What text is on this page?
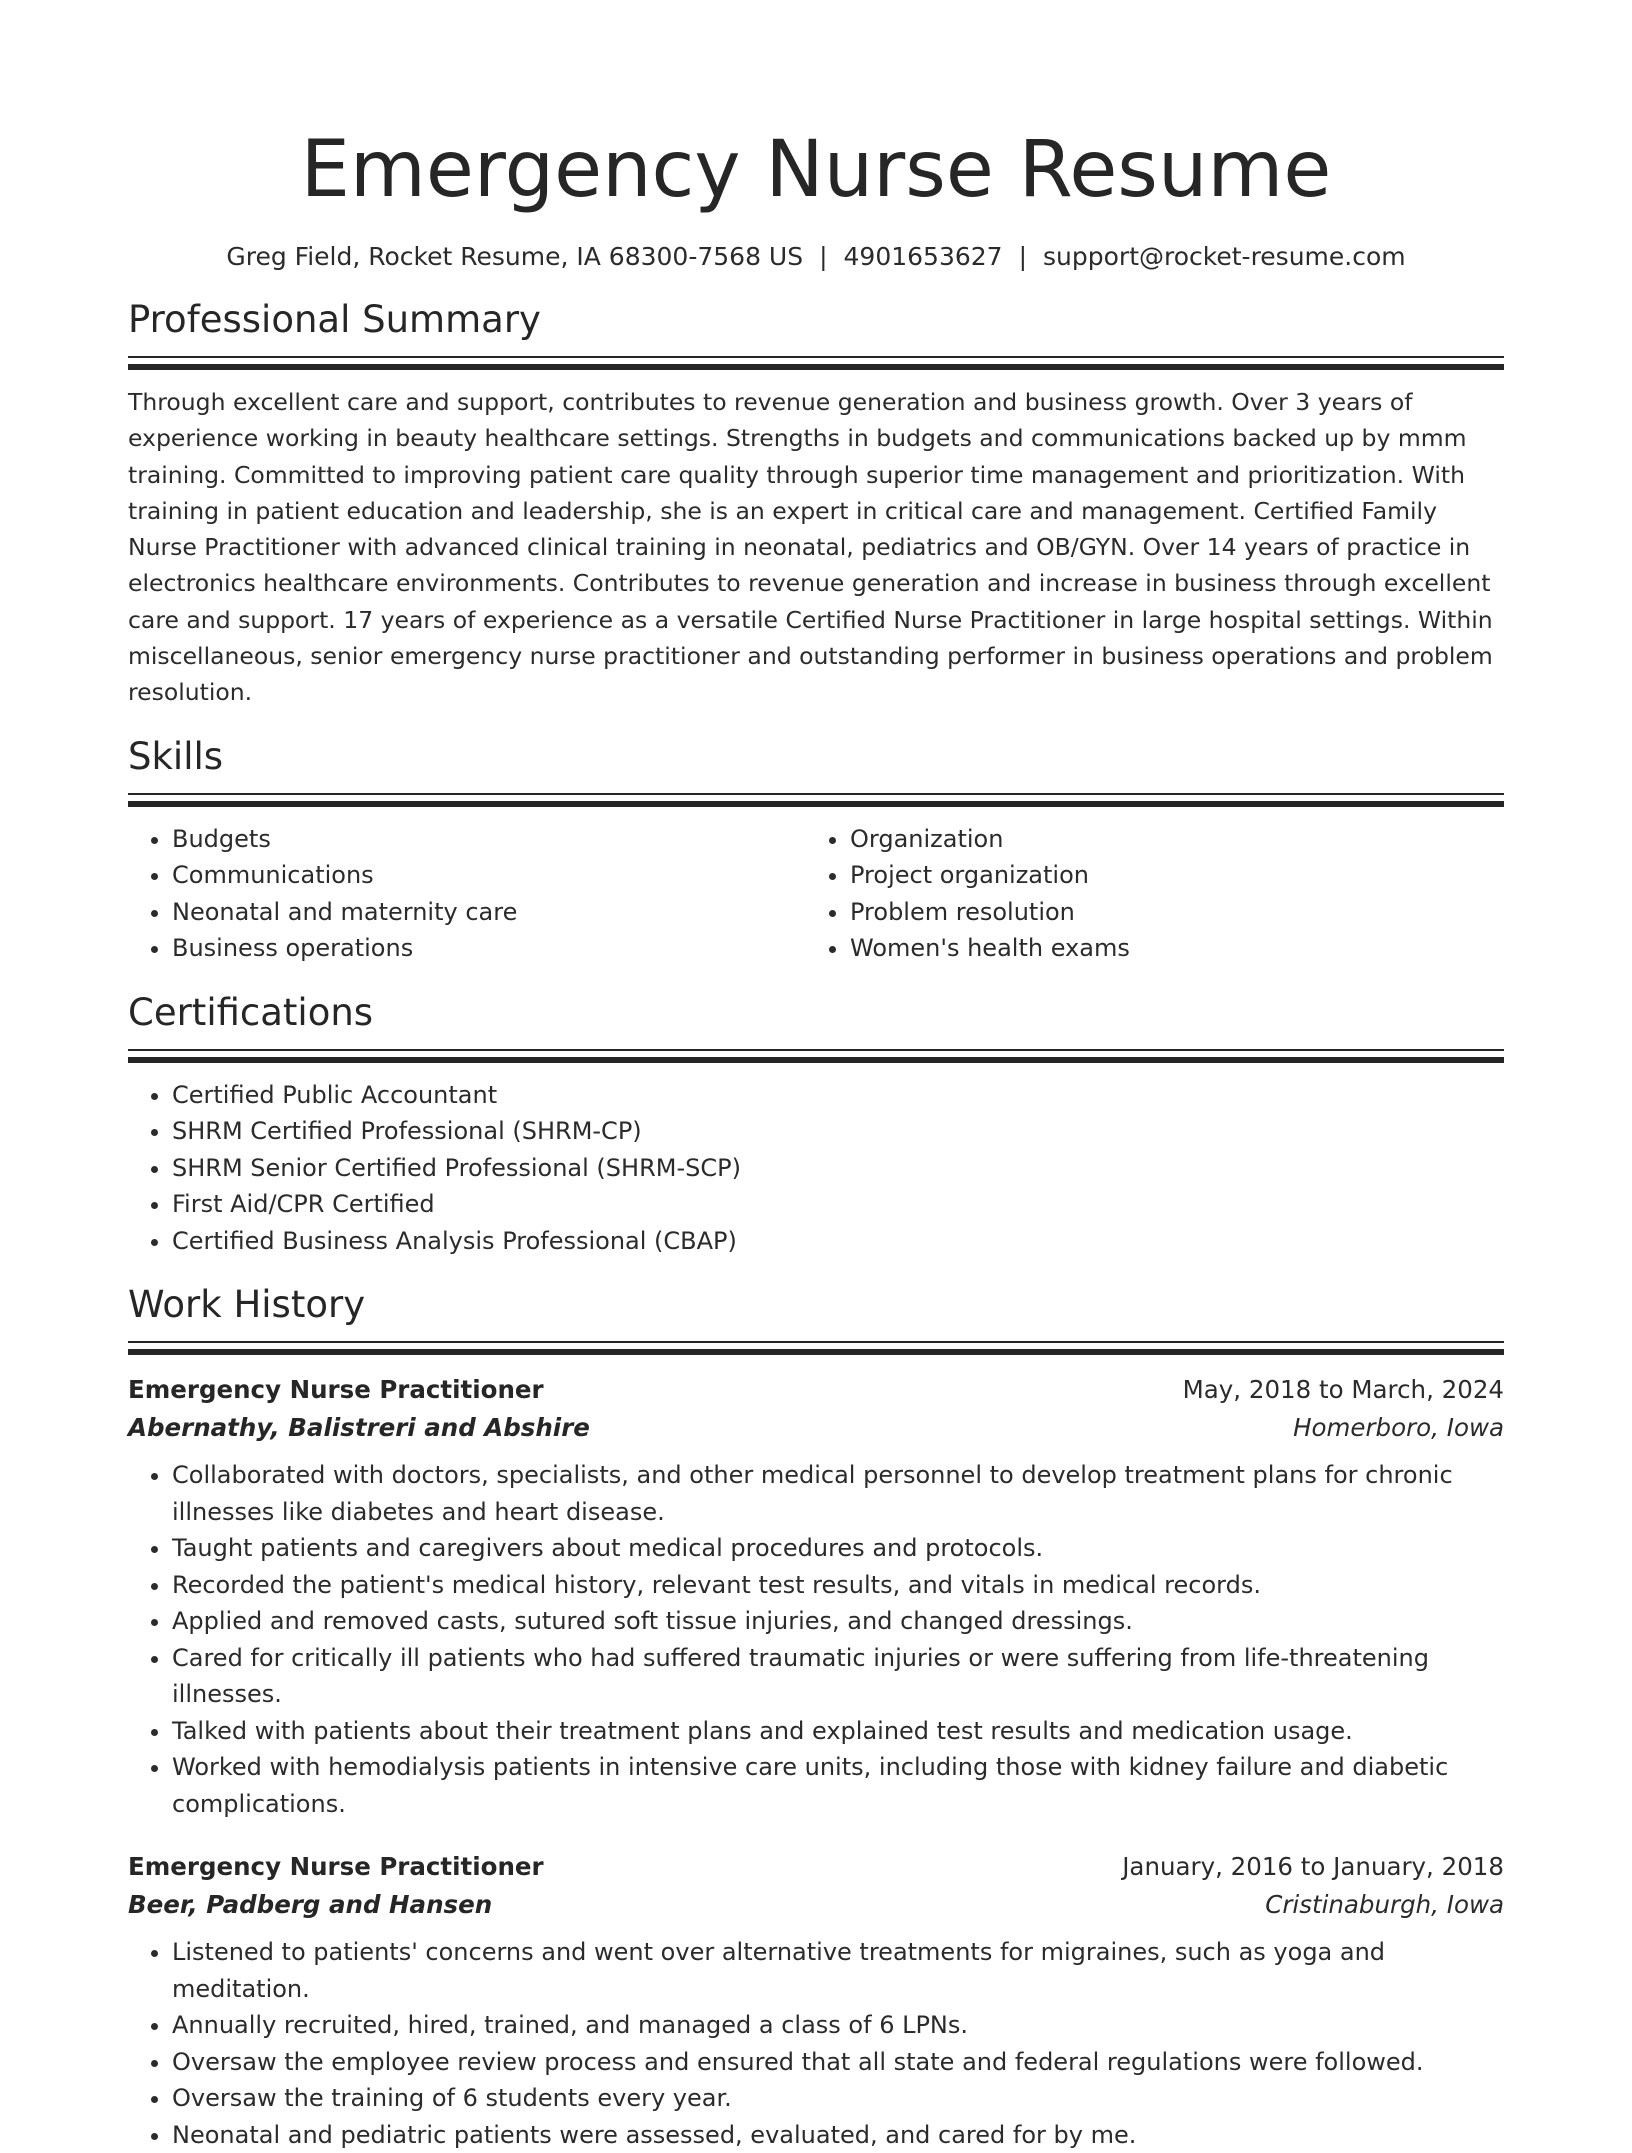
Emergency Nurse Resume
Greg Field, Rocket Resume, IA 68300-7568 US | 4901653627 | support@rocket-resume.com
Professional Summary

Through excellent care and support, contributes to revenue generation and business growth. Over 3 years of experience working in beauty healthcare settings. Strengths in budgets and communications backed up by mmm training. Committed to improving patient care quality through superior time management and prioritization. With training in patient education and leadership, she is an expert in critical care and management. Certified Family Nurse Practitioner with advanced clinical training in neonatal, pediatrics and OB/GYN. Over 14 years of practice in electronics healthcare environments. Contributes to revenue generation and increase in business through excellent care and support. 17 years of experience as a versatile Certified Nurse Practitioner in large hospital settings. Within miscellaneous, senior emergency nurse practitioner and outstanding performer in business operations and problem resolution.

Skills
• Budgets
• Communications
• Neonatal and maternity care
• Business operations
• Organization
• Project organization
• Problem resolution
• Women's health exams
Certifications
• Certified Public Accountant
• SHRM Certified Professional (SHRM-CP)
• SHRM Senior Certified Professional (SHRM-SCP)
• First Aid/CPR Certified
• Certified Business Analysis Professional (CBAP)
Work History
Emergency Nurse Practitioner	May, 2018 to March, 2024
Abernathy, Balistreri and Abshire	Homerboro, Iowa
• Collaborated with doctors, specialists, and other medical personnel to develop treatment plans for chronic illnesses like diabetes and heart disease.
• Taught patients and caregivers about medical procedures and protocols.
• Recorded the patient's medical history, relevant test results, and vitals in medical records.
• Applied and removed casts, sutured soft tissue injuries, and changed dressings.
• Cared for critically ill patients who had suffered traumatic injuries or were suffering from life-threatening illnesses.
• Talked with patients about their treatment plans and explained test results and medication usage.
• Worked with hemodialysis patients in intensive care units, including those with kidney failure and diabetic complications.
Emergency Nurse Practitioner	January, 2016 to January, 2018
Beer, Padberg and Hansen	Cristinaburgh, Iowa
• Listened to patients' concerns and went over alternative treatments for migraines, such as yoga and meditation.
• Annually recruited, hired, trained, and managed a class of 6 LPNs.
• Oversaw the employee review process and ensured that all state and federal regulations were followed.
• Oversaw the training of 6 students every year.
• Neonatal and pediatric patients were assessed, evaluated, and cared for by me.
